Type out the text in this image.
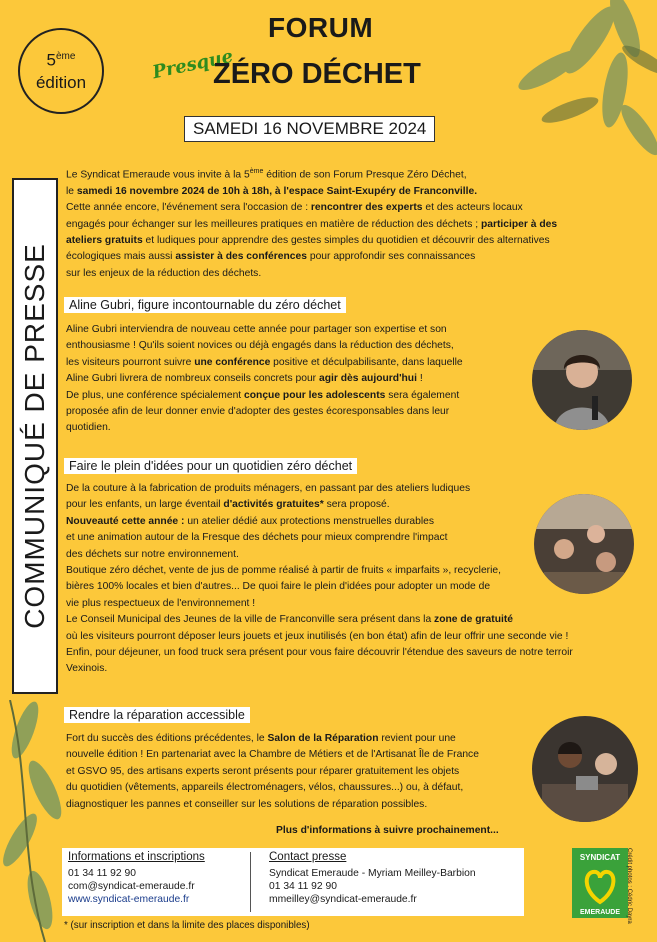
5ème
édition
FORUM
Presque
ZÉRO DÉCHET
SAMEDI 16 NOVEMBRE 2024
COMMUNIQUÉ DE PRESSE
Le Syndicat Emeraude vous invite à la 5ème édition de son Forum Presque Zéro Déchet,
le samedi 16 novembre 2024 de 10h à 18h, à l'espace Saint-Exupéry de Franconville.
Cette année encore, l'événement sera l'occasion de : rencontrer des experts et des acteurs locaux
engagés pour échanger sur les meilleures pratiques en matière de réduction des déchets ; participer à des
ateliers gratuits et ludiques pour apprendre des gestes simples du quotidien et découvrir des alternatives
écologiques mais aussi assister à des conférences pour approfondir ses connaissances
sur les enjeux de la réduction des déchets.
Aline Gubri, figure incontournable du zéro déchet
Aline Gubri interviendra de nouveau cette année pour partager son expertise et son
enthousiasme ! Qu'ils soient novices ou déjà engagés dans la réduction des déchets,
les visiteurs pourront suivre une conférence positive et déculpabilisante, dans laquelle
Aline Gubri livrera de nombreux conseils concrets pour agir dès aujourd'hui !
De plus, une conférence spécialement conçue pour les adolescents sera également
proposée afin de leur donner envie d'adopter des gestes écoresponsables dans leur
quotidien.
Faire le plein d'idées pour un quotidien zéro déchet
De la couture à la fabrication de produits ménagers, en passant par des ateliers ludiques
pour les enfants, un large éventail d'activités gratuites* sera proposé.
Nouveauté cette année : un atelier dédié aux protections menstruelles durables
et une animation autour de la Fresque des déchets pour mieux comprendre l'impact
des déchets sur notre environnement.
Boutique zéro déchet, vente de jus de pomme réalisé à partir de fruits « imparfaits », recyclerie,
bières 100% locales et bien d'autres... De quoi faire le plein d'idées pour adopter un mode de
vie plus respectueux de l'environnement !
Le Conseil Municipal des Jeunes de la ville de Franconville sera présent dans la zone de gratuité
où les visiteurs pourront déposer leurs jouets et jeux inutilisés (en bon état) afin de leur offrir une seconde vie !
Enfin, pour déjeuner, un food truck sera présent pour vous faire découvrir l'étendue des saveurs de notre terroir
Vexinois.
Rendre la réparation accessible
Fort du succès des éditions précédentes, le Salon de la Réparation revient pour une
nouvelle édition ! En partenariat avec la Chambre de Métiers et de l'Artisanat Île de France
et GSVO 95, des artisans experts seront présents pour réparer gratuitement les objets
du quotidien (vêtements, appareils électroménagers, vélos, chaussures...) ou, à défaut,
diagnostiquer les pannes et conseiller sur les solutions de réparation possibles.
Plus d'informations à suivre prochainement...
Informations et inscriptions
01 34 11 92 90
com@syndicat-emeraude.fr
www.syndicat-emeraude.fr
Contact presse
Syndicat Emeraude - Myriam Meilley-Barbion
01 34 11 92 90
mmeilley@syndicat-emeraude.fr
* (sur inscription et dans la limite des places disponibles)
SYNDICAT
EMERAUDE Crédit photos : Cédric Dayra
